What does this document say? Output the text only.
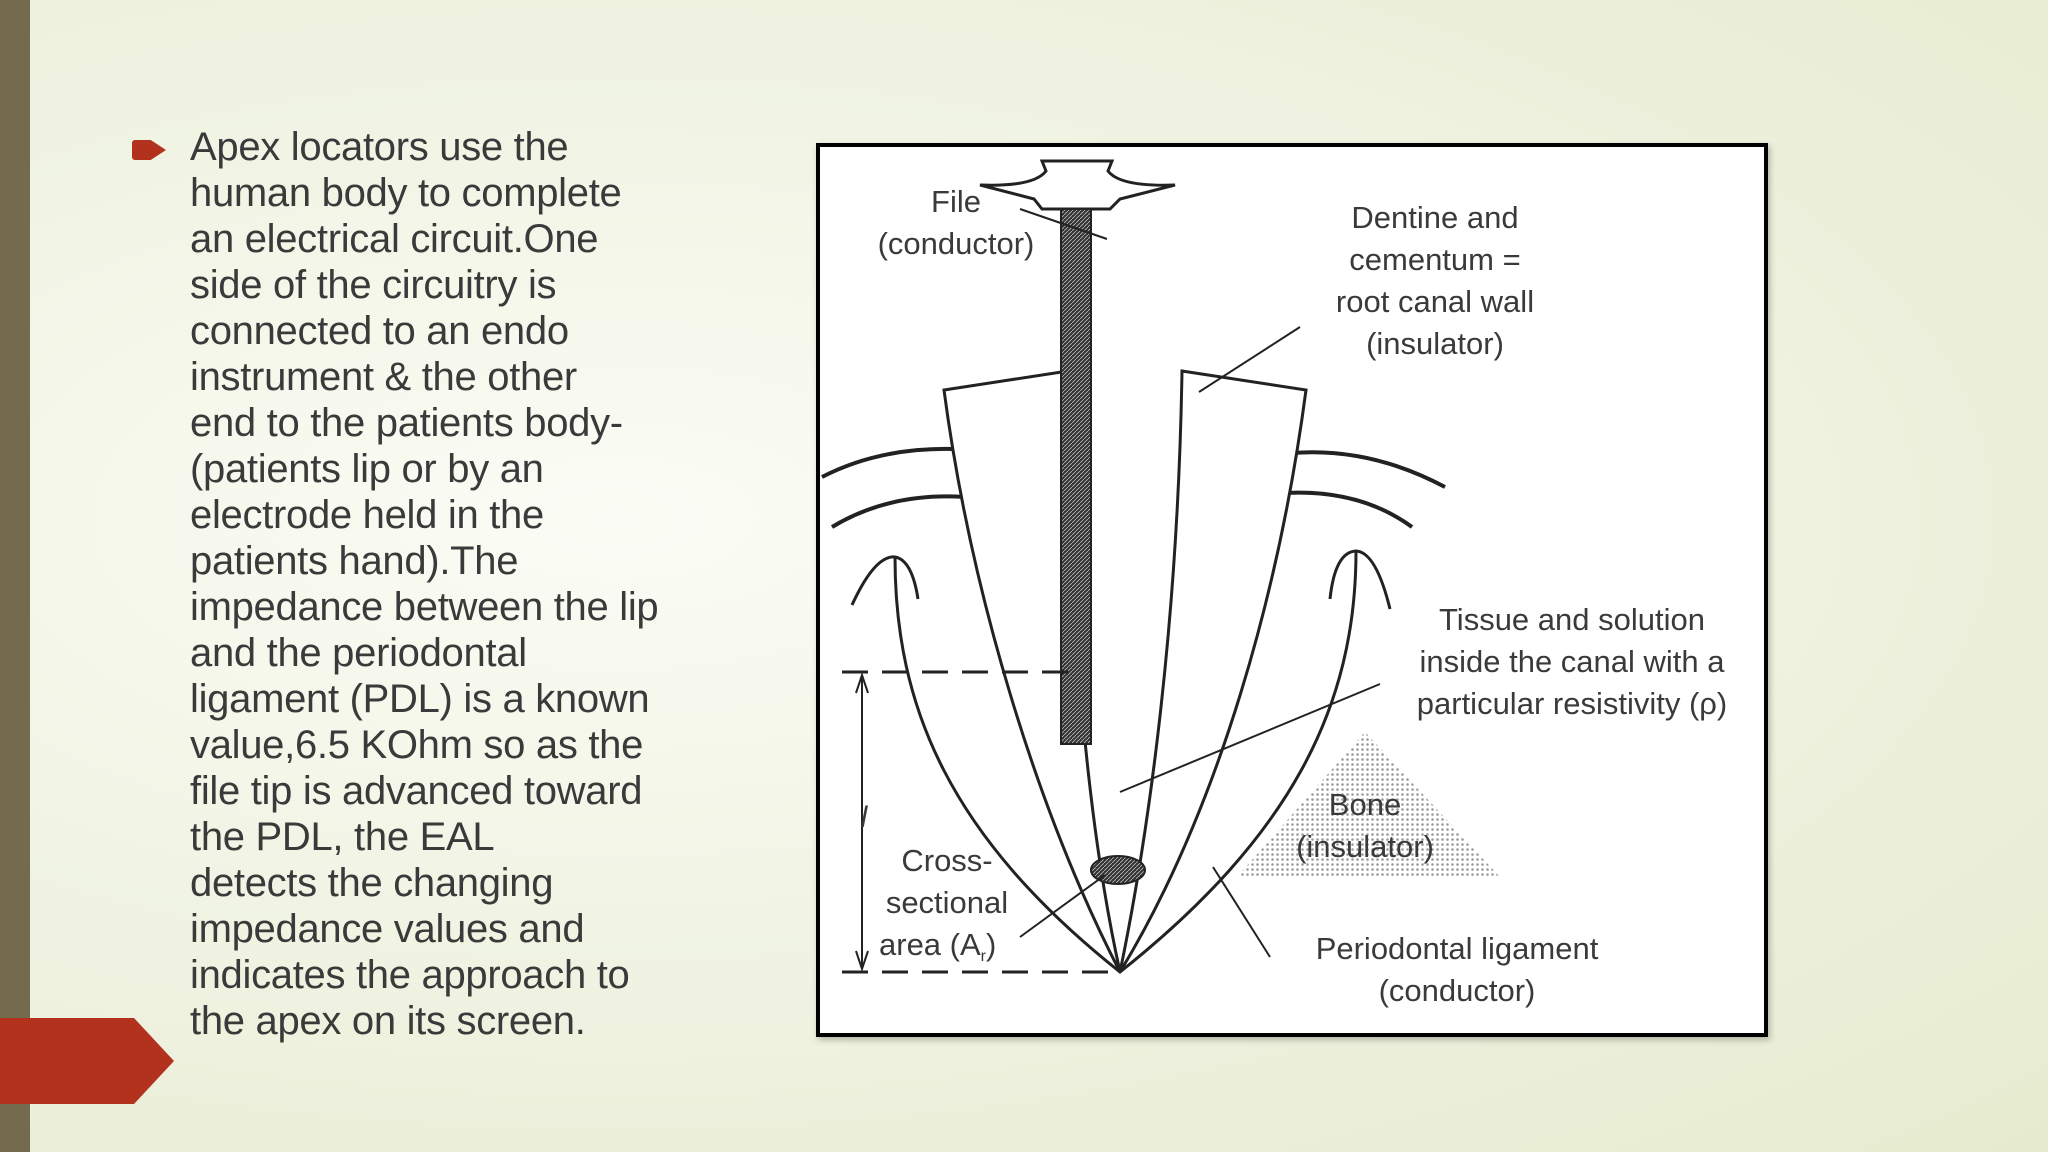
Apex locators use the
human body to complete
an electrical circuit.One
side of the circuitry is
connected to an endo
instrument & the other
end to the patients body-
(patients lip or by an
electrode held in the
patients hand).The
impedance between the lip
and the periodontal
ligament (PDL) is a known
value,6.5 KOhm so as the
file tip is advanced toward
the PDL, the EAL
detects the changing
impedance values and
indicates the approach to
the apex on its screen.

File
(conductor)
Dentine and
cementum =
root canal wall
(insulator)
Tissue and solution
inside the canal with a
particular resistivity (ρ)
Bone
(insulator)
l
Cross-
sectional
area (Ar)	Periodontal ligament
(conductor)
